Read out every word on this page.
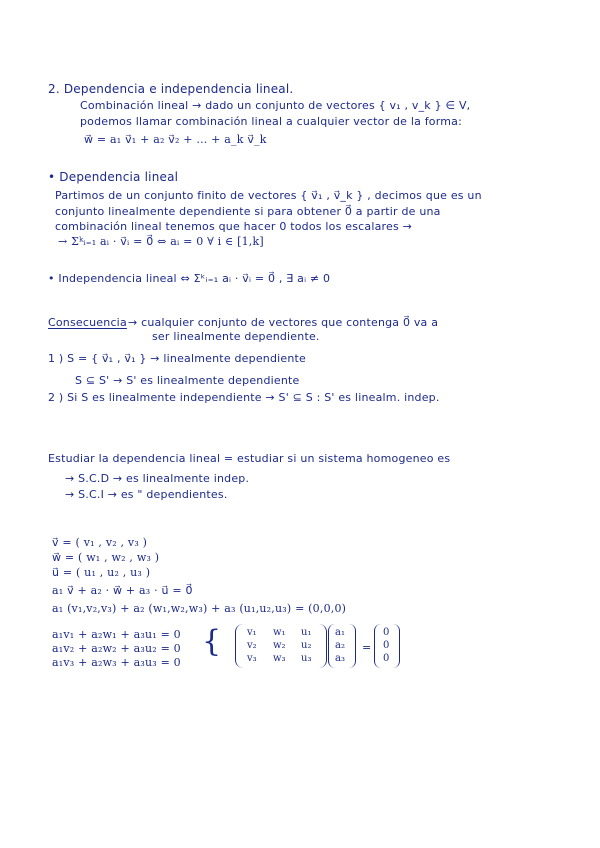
2. Dependencia e independencia lineal.
Combinación lineal → dado un conjunto de vectores { v₁ , v_k } ∈ V,
podemos llamar combinación lineal a cualquier vector de la forma:
w⃗ = a₁ v⃗₁ + a₂ v⃗₂ + ... + a_k v⃗_k
• Dependencia lineal
Partimos de un conjunto finito de vectores { v⃗₁ , v⃗_k } , decimos que es un
conjunto linealmente dependiente si para obtener 0⃗ a partir de una
combinación lineal tenemos que hacer 0 todos los escalares →
→ Σᵏᵢ₌₁ aᵢ · v⃗ᵢ = 0⃗ ⇔ aᵢ = 0 ∀ i ∈ [1,k]
• Independencia lineal ⇔ Σᵏᵢ₌₁ aᵢ · v⃗ᵢ = 0⃗ , ∃ aᵢ ≠ 0
Consecuencia → cualquier conjunto de vectores que contenga 0⃗ va a
ser linealmente dependiente.
1 ) S = { v⃗₁ , v⃗₁ } → linealmente dependiente
S ⊆ S' → S' es linealmente dependiente
2 ) Si S es linealmente independiente → S' ⊆ S : S' es linealm. indep.
Estudiar la dependencia lineal = estudiar si un sistema homogeneo es
→ S.C.D → es linealmente indep.
→ S.C.I → es " dependientes.
v⃗ = ( v₁ , v₂ , v₃ )
w⃗ = ( w₁ , w₂ , w₃ )
u⃗ = ( u₁ , u₂ , u₃ )
a₁ v⃗ + a₂ · w⃗ + a₃ · u⃗ = 0⃗
a₁ (v₁,v₂,v₃) + a₂ (w₁,w₂,w₃) + a₃ (u₁,u₂,u₃) = (0,0,0)
a₁v₁ + a₂w₁ + a₃u₁ = 0
a₁v₂ + a₂w₂ + a₃u₂ = 0
a₁v₃ + a₂w₃ + a₃u₃ = 0
{	v₁ w₁ u₁
v₂ w₂ u₂
v₃ w₃ u₃
a₁
a₂
a₃
=
0
0
0
